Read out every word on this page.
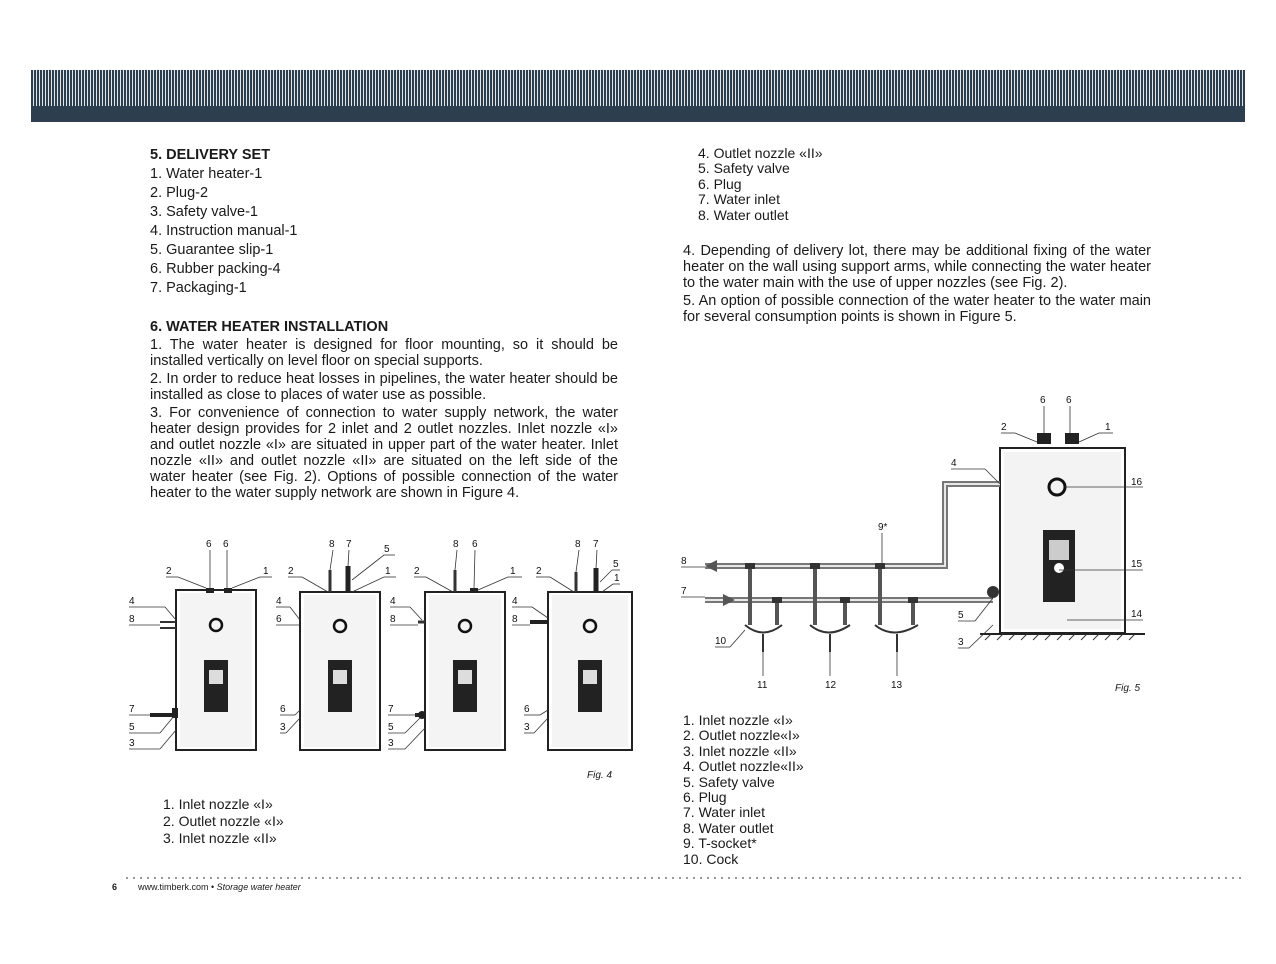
5. DELIVERY SET

1. Water heater-1
2. Plug-2
3. Safety valve-1
4. Instruction manual-1
5. Guarantee slip-1
6. Rubber packing-4
7. Packaging-1

6. WATER HEATER INSTALLATION

1. The water heater is designed for floor mounting, so it should be installed vertically on level floor on special supports.

2. In order to reduce heat losses in pipelines, the water heater should be installed as close to places of water use as possible.

3. For convenience of connection to water supply network, the water heater design provides for 2 inlet and 2 outlet nozzles. Inlet nozzle «I» and outlet nozzle «I» are situated in upper part of the water heater. Inlet nozzle «II» and outlet nozzle «II» are situated on the left side of the water heater (see Fig. 2). Options of possible connection of the water heater to the water supply network are shown in Figure 4.

4. Outlet nozzle «II»
5. Safety valve
6. Plug
7. Water inlet
8. Water outlet

4. Depending of delivery lot, there may be additional fixing of the water heater on the wall using support arms, while connecting the water heater to the water main with the use of upper nozzles (see Fig. 2).

5. An option of possible connection of the water heater to the water main for several consumption points is shown in Figure 5.

6 6
2	1
4
8
7
5
3
8 7	5
2	1
4
6
6
3
8 6
2	1
4
8
7
5
3
8 7
5
1
2
4
8
6
3
Fig. 4
1. Inlet nozzle «I»
2. Outlet nozzle «I»
3. Inlet nozzle «II»
6 6
2	1
4
16
9*
8	15
7
14
5
10	3
11	12	13	Fig. 5
1. Inlet nozzle «I»
2. Outlet nozzle«I»
3. Inlet nozzle «II»
4. Outlet nozzle«II»
5. Safety valve
6. Plug
7. Water inlet
8. Water outlet
9. T-socket*
10. Cock
6 www.timberk.com • Storage water heater
